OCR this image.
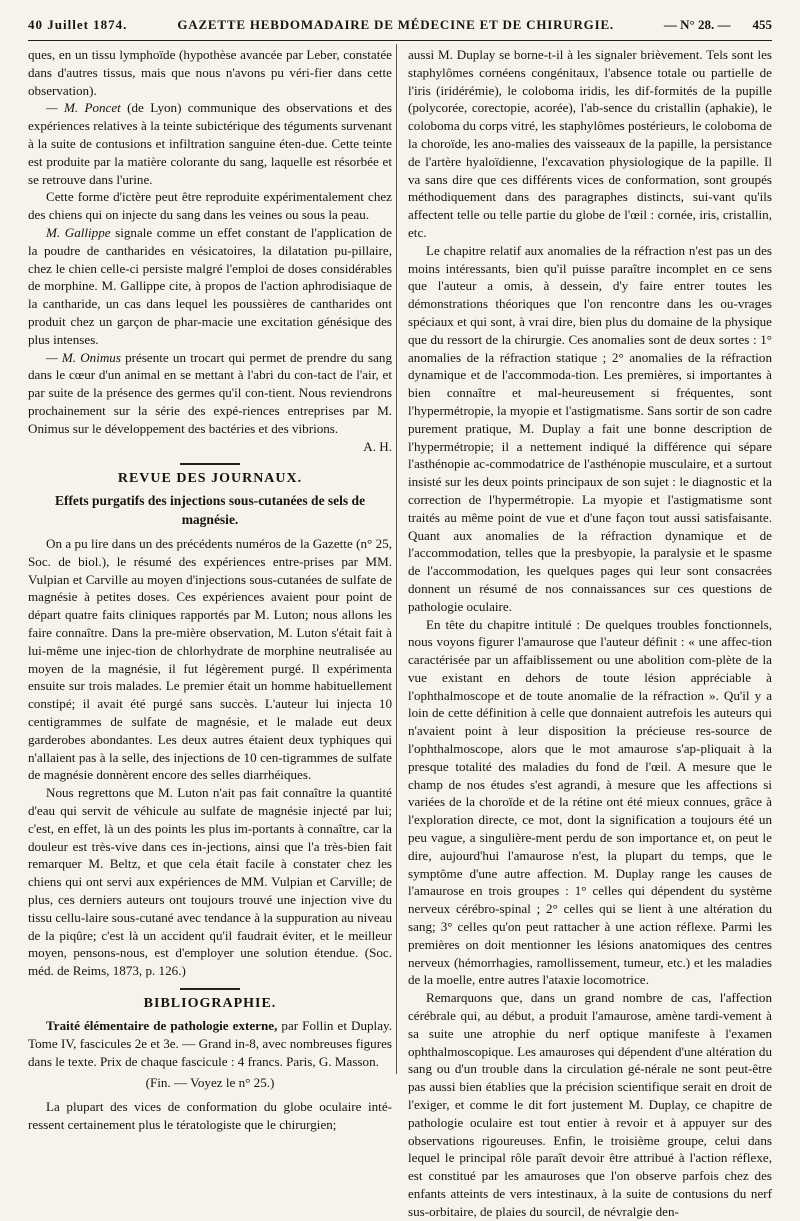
40 Juillet 1874.	GAZETTE HEBDOMADAIRE DE MÉDECINE ET DE CHIRURGIE.	— N° 28. — 455

ques, en un tissu lymphoïde (hypothèse avancée par Leber, constatée dans d'autres tissus, mais que nous n'avons pu véri-fier dans cette observation).

— M. Poncet (de Lyon) communique des observations et des expériences relatives à la teinte subictérique des téguments survenant à la suite de contusions et infiltration sanguine éten-due. Cette teinte est produite par la matière colorante du sang, laquelle est résorbée et se retrouve dans l'urine.

Cette forme d'ictère peut être reproduite expérimentalement chez des chiens qui on injecte du sang dans les veines ou sous la peau.

M. Gallippe signale comme un effet constant de l'application de la poudre de cantharides en vésicatoires, la dilatation pu-pillaire, chez le chien celle-ci persiste malgré l'emploi de doses considérables de morphine. M. Gallippe cite, à propos de l'action aphrodisiaque de la cantharide, un cas dans lequel les poussières de cantharides ont produit chez un garçon de phar-macie une excitation génésique des plus intenses.

— M. Onimus présente un trocart qui permet de prendre du sang dans le cœur d'un animal en se mettant à l'abri du con-tact de l'air, et par suite de la présence des germes qu'il con-tient. Nous reviendrons prochainement sur la série des expé-riences entreprises par M. Onimus sur le développement des bactéries et des vibrions.

A. H.

REVUE DES JOURNAUX.
Effets purgatifs des injections sous-cutanées de sels de magnésie.

On a pu lire dans un des précédents numéros de la Gazette (n° 25, Soc. de biol.), le résumé des expériences entre-prises par MM. Vulpian et Carville au moyen d'injections sous-cutanées de sulfate de magnésie à petites doses. Ces expériences avaient pour point de départ quatre faits cliniques rapportés par M. Luton; nous allons les faire connaître. Dans la pre-mière observation, M. Luton s'était fait à lui-même une injec-tion de chlorhydrate de morphine neutralisée au moyen de la magnésie, il fut légèrement purgé. Il expérimenta ensuite sur trois malades. Le premier était un homme habituellement constipé; il avait été purgé sans succès. L'auteur lui injecta 10 centigrammes de sulfate de magnésie, et le malade eut deux garderobes abondantes. Les deux autres étaient deux typhiques qui n'allaient pas à la selle, des injections de 10 cen-tigrammes de sulfate de magnésie donnèrent encore des selles diarrhéiques.

Nous regrettons que M. Luton n'ait pas fait connaître la quantité d'eau qui servit de véhicule au sulfate de magnésie injecté par lui; c'est, en effet, là un des points les plus im-portants à connaître, car la douleur est très-vive dans ces in-jections, ainsi que l'a très-bien fait remarquer M. Beltz, et que cela était facile à constater chez les chiens qui ont servi aux expériences de MM. Vulpian et Carville; de plus, ces derniers auteurs ont toujours trouvé une injection vive du tissu cellu-laire sous-cutané avec tendance à la suppuration au niveau de la piqûre; c'est là un accident qu'il faudrait éviter, et le meilleur moyen, pensons-nous, est d'employer une solution étendue. (Soc. méd. de Reims, 1873, p. 126.)

BIBLIOGRAPHIE.

Traité élémentaire de pathologie externe, par Follin et Duplay. Tome IV, fascicules 2e et 3e. — Grand in-8, avec nombreuses figures dans le texte. Prix de chaque fascicule : 4 francs. Paris, G. Masson.

(Fin. — Voyez le n° 25.)

La plupart des vices de conformation du globe oculaire inté-ressent certainement plus le tératologiste que le chirurgien;

aussi M. Duplay se borne-t-il à les signaler brièvement. Tels sont les staphylômes cornéens congénitaux, l'absence totale ou partielle de l'iris (iridérémie), le coloboma iridis, les dif-formités de la pupille (polycorée, corectopie, acorée), l'ab-sence du cristallin (aphakie), le coloboma du corps vitré, les staphylômes postérieurs, le coloboma de la choroïde, les ano-malies des vaisseaux de la papille, la persistance de l'artère hyaloïdienne, l'excavation physiologique de la papille. Il va sans dire que ces différents vices de conformation, sont groupés méthodiquement dans des paragraphes distincts, sui-vant qu'ils affectent telle ou telle partie du globe de l'œil : cornée, iris, cristallin, etc.

Le chapitre relatif aux anomalies de la réfraction n'est pas un des moins intéressants, bien qu'il puisse paraître incomplet en ce sens que l'auteur a omis, à dessein, d'y faire entrer toutes les démonstrations théoriques que l'on rencontre dans les ou-vrages spéciaux et qui sont, à vrai dire, bien plus du domaine de la physique que du ressort de la chirurgie. Ces anomalies sont de deux sortes : 1° anomalies de la réfraction statique ; 2° anomalies de la réfraction dynamique et de l'accommoda-tion. Les premières, si importantes à bien connaître et mal-heureusement si fréquentes, sont l'hypermétropie, la myopie et l'astigmatisme. Sans sortir de son cadre purement pratique, M. Duplay a fait une bonne description de l'hypermétropie; il a nettement indiqué la différence qui sépare l'asthénopie ac-commodatrice de l'asthénopie musculaire, et a surtout insisté sur les deux points principaux de son sujet : le diagnostic et la correction de l'hypermétropie. La myopie et l'astigmatisme sont traités au même point de vue et d'une façon tout aussi satisfaisante. Quant aux anomalies de la réfraction dynamique et de l'accommodation, telles que la presbyopie, la paralysie et le spasme de l'accommodation, les quelques pages qui leur sont consacrées donnent un résumé de nos connaissances sur ces questions de pathologie oculaire.

En tête du chapitre intitulé : De quelques troubles fonctionnels, nous voyons figurer l'amaurose que l'auteur définit : « une affec-tion caractérisée par un affaiblissement ou une abolition com-plète de la vue existant en dehors de toute lésion appréciable à l'ophthalmoscope et de toute anomalie de la réfraction ». Qu'il y a loin de cette définition à celle que donnaient autrefois les auteurs qui n'avaient point à leur disposition la précieuse res-source de l'ophthalmoscope, alors que le mot amaurose s'ap-pliquait à la presque totalité des maladies du fond de l'œil. A mesure que le champ de nos études s'est agrandi, à mesure que les affections si variées de la choroïde et de la rétine ont été mieux connues, grâce à l'exploration directe, ce mot, dont la signification a toujours été un peu vague, a singulière-ment perdu de son importance et, on peut le dire, aujourd'hui l'amaurose n'est, la plupart du temps, que le symptôme d'une autre affection. M. Duplay range les causes de l'amaurose en trois groupes : 1° celles qui dépendent du système nerveux cérébro-spinal ; 2° celles qui se lient à une altération du sang; 3° celles qu'on peut rattacher à une action réflexe. Parmi les premières on doit mentionner les lésions anatomiques des centres nerveux (hémorrhagies, ramollissement, tumeur, etc.) et les maladies de la moelle, entre autres l'ataxie locomotrice.

Remarquons que, dans un grand nombre de cas, l'affection cérébrale qui, au début, a produit l'amaurose, amène tardi-vement à sa suite une atrophie du nerf optique manifeste à l'examen ophthalmoscopique. Les amauroses qui dépendent d'une altération du sang ou d'un trouble dans la circulation gé-nérale ne sont peut-être pas aussi bien établies que la précision scientifique serait en droit de l'exiger, et comme le dit fort justement M. Duplay, ce chapitre de pathologie oculaire est tout entier à revoir et à appuyer sur des observations rigoureuses. Enfin, le troisième groupe, celui dans lequel le principal rôle paraît devoir être attribué à l'action réflexe, est constitué par les amauroses que l'on observe parfois chez des enfants atteints de vers intestinaux, à la suite de contusions du nerf sus-orbitaire, de plaies du sourcil, de névralgie den-
